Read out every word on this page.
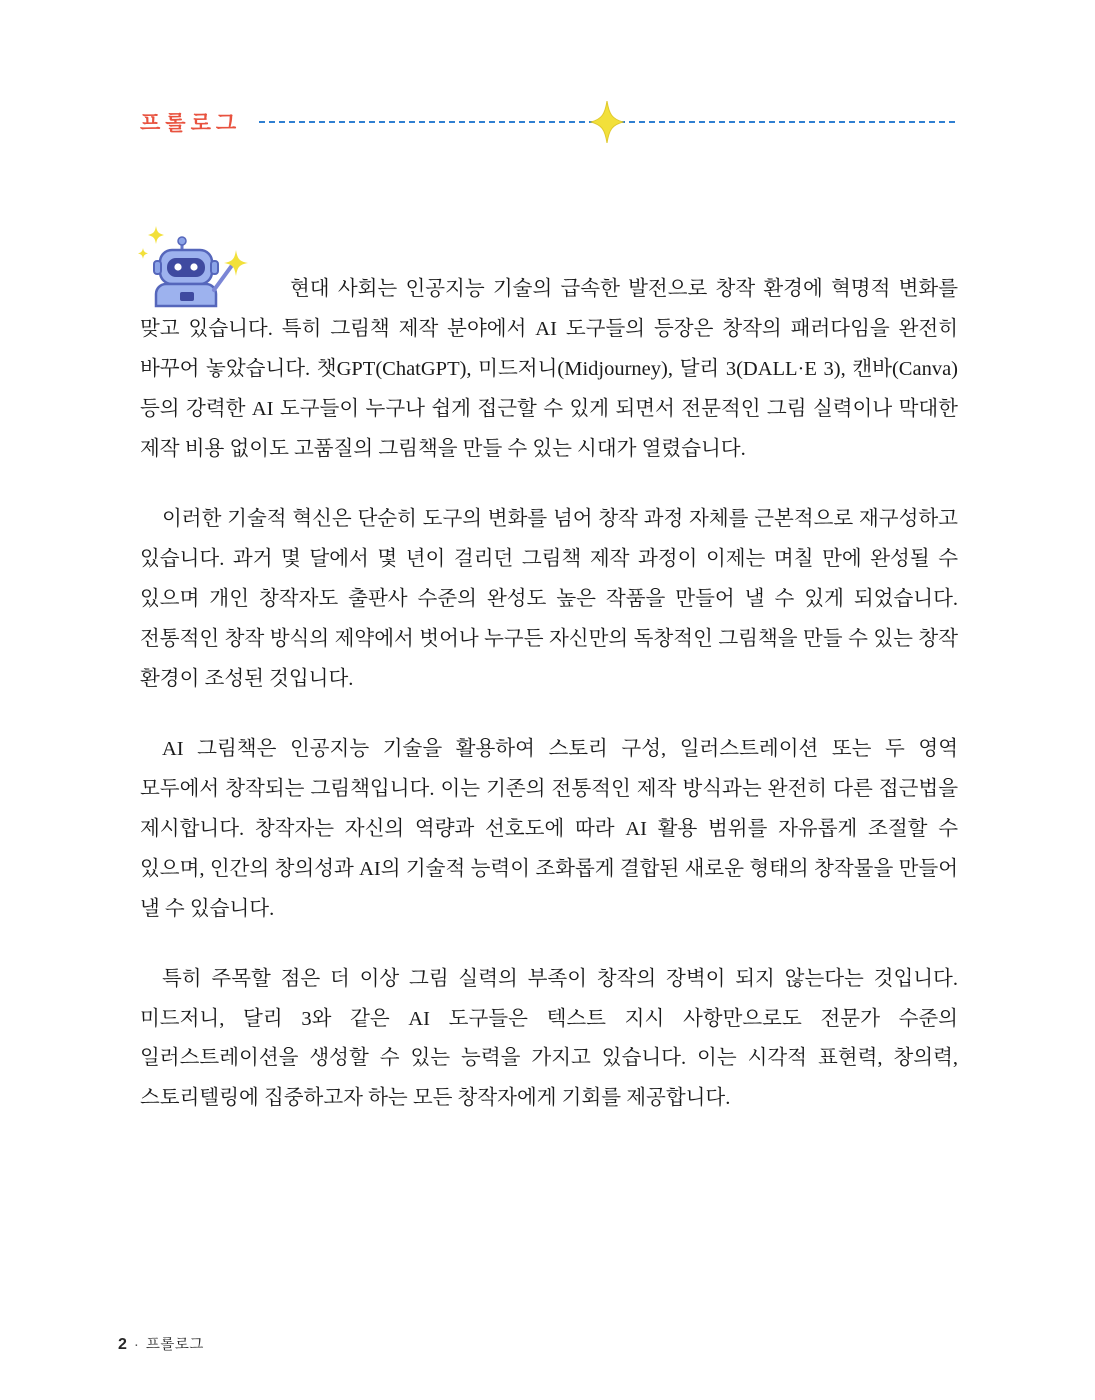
프롤로그

현대 사회는 인공지능 기술의 급속한 발전으로 창작 환경에 혁명적 변화를 맞고 있습니다. 특히 그림책 제작 분야에서 AI 도구들의 등장은 창작의 패러다임을 완전히 바꾸어 놓았습니다. 챗GPT(ChatGPT), 미드저니(Midjourney), 달리 3(DALL·E 3), 캔바(Canva) 등의 강력한 AI 도구들이 누구나 쉽게 접근할 수 있게 되면서 전문적인 그림 실력이나 막대한 제작 비용 없이도 고품질의 그림책을 만들 수 있는 시대가 열렸습니다.

이러한 기술적 혁신은 단순히 도구의 변화를 넘어 창작 과정 자체를 근본적으로 재구성하고 있습니다. 과거 몇 달에서 몇 년이 걸리던 그림책 제작 과정이 이제는 며칠 만에 완성될 수 있으며 개인 창작자도 출판사 수준의 완성도 높은 작품을 만들어 낼 수 있게 되었습니다. 전통적인 창작 방식의 제약에서 벗어나 누구든 자신만의 독창적인 그림책을 만들 수 있는 창작 환경이 조성된 것입니다.

AI 그림책은 인공지능 기술을 활용하여 스토리 구성, 일러스트레이션 또는 두 영역 모두에서 창작되는 그림책입니다. 이는 기존의 전통적인 제작 방식과는 완전히 다른 접근법을 제시합니다. 창작자는 자신의 역량과 선호도에 따라 AI 활용 범위를 자유롭게 조절할 수 있으며, 인간의 창의성과 AI의 기술적 능력이 조화롭게 결합된 새로운 형태의 창작물을 만들어 낼 수 있습니다.

특히 주목할 점은 더 이상 그림 실력의 부족이 창작의 장벽이 되지 않는다는 것입니다. 미드저니, 달리 3와 같은 AI 도구들은 텍스트 지시 사항만으로도 전문가 수준의 일러스트레이션을 생성할 수 있는 능력을 가지고 있습니다. 이는 시각적 표현력, 창의력, 스토리텔링에 집중하고자 하는 모든 창작자에게 기회를 제공합니다.

2 · 프롤로그
